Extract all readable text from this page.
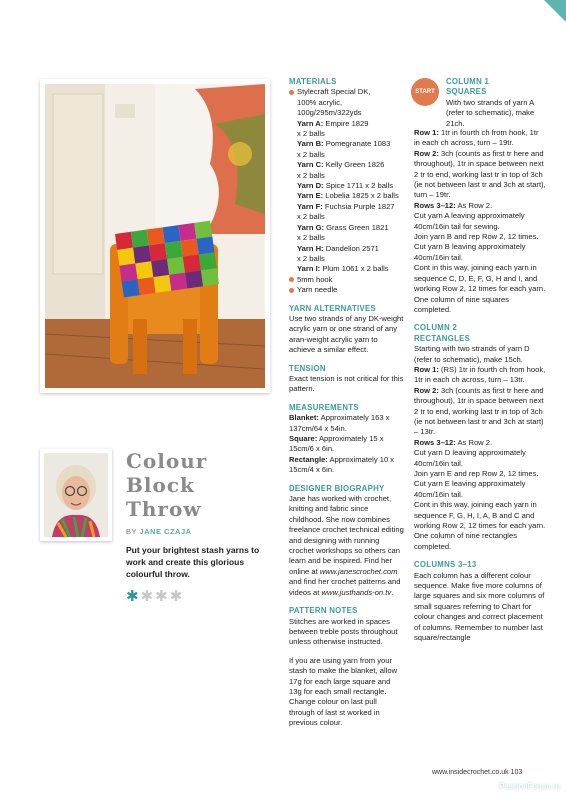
Colour
Block
Throw
BY JANE CZAJA
Put your brightest stash yarns to work and create this glorious colourful throw.
✱ ✱ ✱ ✱

MATERIALS

Stylecraft Special DK,

100% acrylic,

100g/295m/322yds

Yarn A: Empire 1829

x 2 balls

Yarn B: Pomegranate 1083

x 2 balls

Yarn C: Kelly Green 1826

x 2 balls

Yarn D: Spice 1711 x 2 balls

Yarn E: Lobelia 1825 x 2 balls

Yarn F: Fuchsia Purple 1827

x 2 balls

Yarn G: Grass Green 1821

x 2 balls

Yarn H: Dandelion 2571

x 2 balls

Yarn I: Plum 1061 x 2 balls

5mm hook

Yarn needle

YARN ALTERNATIVES

Use two strands of any DK-weight acrylic yarn or one strand of any aran-weight acrylic yarn to achieve a similar effect.

TENSION

Exact tension is not critical for this pattern.

MEASUREMENTS

Blanket: Approximately 163 x 137cm/64 x 54in.

Square: Approximately 15 x 15cm/6 x 6in.

Rectangle: Approximately 10 x 15cm/4 x 6in.

DESIGNER BIOGRAPHY

Jane has worked with crochet, knitting and fabric since childhood. She now combines freelance crochet technical editing and designing with running crochet workshops so others can learn and be inspired. Find her online at www.janescrochet.com and find her crochet patterns and videos at www.justhands-on.tv.

PATTERN NOTES

Stitches are worked in spaces between treble posts throughout unless otherwise instructed.

If you are using yarn from your stash to make the blanket, allow 17g for each large square and 13g for each small rectangle. Change colour on last pull through of last st worked in previous colour.

START

COLUMN 1

SQUARES

With two strands of yarn A (refer to schematic), make 21ch.

Row 1: 1tr in fourth ch from hook, 1tr in each ch across, turn – 19tr.

Row 2: 3ch (counts as first tr here and throughout), 1tr in space between next 2 tr to end, working last tr in top of 3ch (ie not between last tr and 3ch at start), turn – 19tr.

Rows 3–12: As Row 2.

Cut yarn A leaving approximately 40cm/16in tail for sewing.

Join yarn B and rep Row 2, 12 times.

Cut yarn B leaving approximately 40cm/16in tail.

Cont in this way, joining each yarn in sequence C, D, E, F, G, H and I, and working Row 2, 12 times for each yarn.

One column of nine squares completed.

COLUMN 2

RECTANGLES

Starting with two strands of yarn D (refer to schematic), make 15ch.

Row 1: (RS) 1tr in fourth ch from hook, 1tr in each ch across, turn – 13tr.

Row 2: 3ch (counts as first tr here and throughout), 1tr in space between next 2 tr to end, working last tr in top of 3ch (ie not between last tr and 3ch at start) – 13tr.

Rows 3–12: As Row 2.

Cut yarn D leaving approximately 40cm/16in tail.

Join yarn E and rep Row 2, 12 times.

Cut yarn E leaving approximately 40cm/16in tail.

Cont in this way, joining each yarn in sequence F, G, H, I, A, B and C and working Row 2, 12 times for each yarn.

One column of nine rectangles completed.

COLUMNS 3–13

Each column has a different colour sequence. Make five more columns of large squares and six more columns of small squares referring to Chart for colour changes and correct placement of columns. Remember to number last square/rectangle

www.insidecrochet.co.uk 103
PassionForum.ru
